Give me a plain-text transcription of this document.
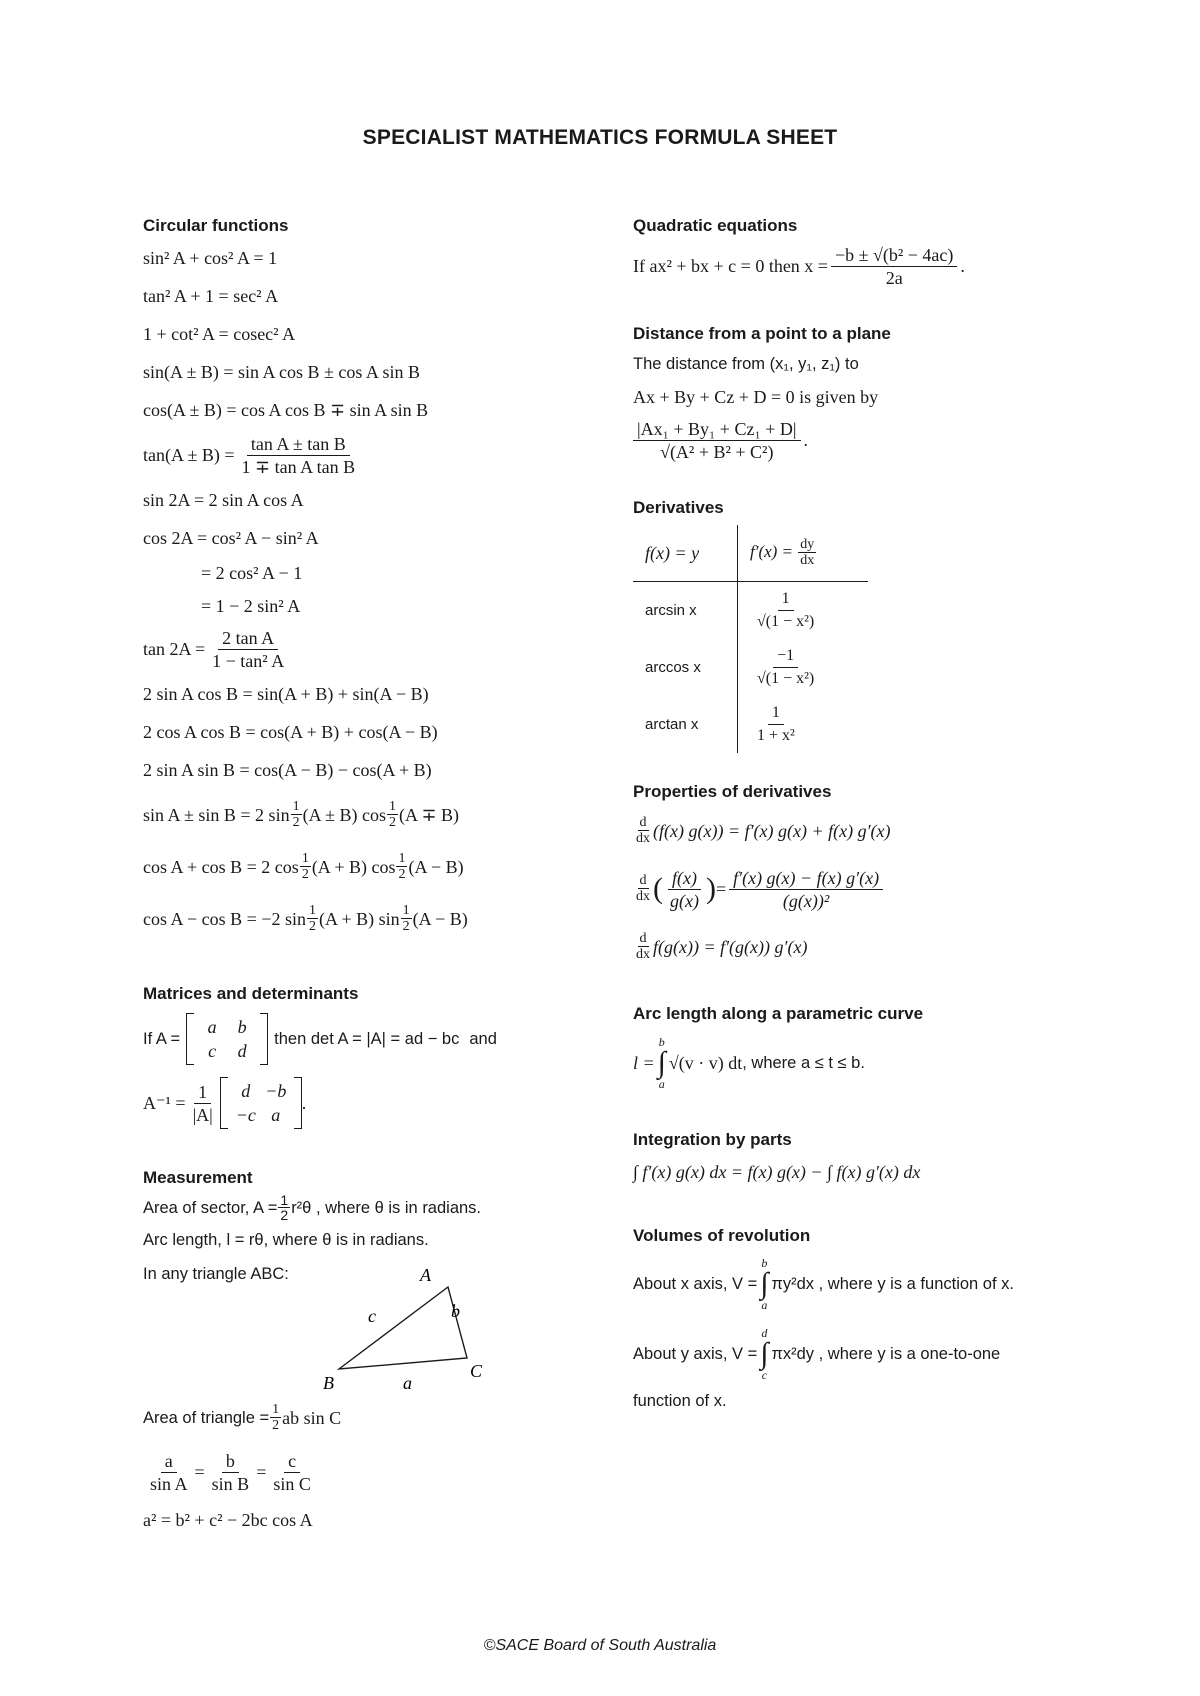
SPECIALIST MATHEMATICS FORMULA SHEET
Circular functions
sin² A + cos² A = 1
tan² A + 1 = sec² A
1 + cot² A = cosec² A
sin(A ± B) = sin A cos B ± cos A sin B
cos(A ± B) = cos A cos B ∓ sin A sin B
$\tan(A \pm B) = \frac{\text{tan A ± tan B}}{\text{1 ∓ tan A tan B}}$
sin 2A = 2 sin A cos A
cos 2A = cos² A − sin² A
= 2 cos² A − 1
= 1 − 2 sin² A
$\tan 2A = \frac{\text{2 tan A}}{\text{1 − tan² A}}$
2 sin A cos B = sin(A + B) + sin(A − B)
2 cos A cos B = cos(A + B) + cos(A − B)
2 sin A sin B = cos(A − B) − cos(A + B)
sin A ± sin B = 2 $\sin \frac{1}{2} (A \pm B)$ $\cos \frac{1}{2} (A \mp B)$
cos A + cos B = 2 $\cos \frac{1}{2} (A + B)$ $\cos \frac{1}{2} (A - B)$
cos A − cos B = −2 $\sin \frac{1}{2} (A + B)$ $\sin \frac{1}{2} (A - B)$
Matrices and determinants
If A =
a	b
c	d
then det A = |A| = ad − bc and
$A^{-1} = \frac{1}{|A|}$	d −b
−c a
.
Measurement
Area of sector, $A = \frac{1}{2} r^2\theta$ , where θ is in radians.
Arc length, l = rθ, where θ is in radians.
In any triangle ABC:	A
B
C
a
b
c
Area of triangle = $\frac{1}{2}$ ab sin C
$\frac{a}{\text{sin A}} = \frac{b}{\text{sin B}} = \frac{c}{\text{sin C}}$
a² = b² + c² − 2bc cos A
Quadratic equations
If ax² + bx + c = 0 then $x = \frac{\text{−b ± √(b² − 4ac)}}{2a}$ .
Distance from a point to a plane
The distance from (x₁, y₁, z₁) to
Ax + By + Cz + D = 0 is given by
$\frac{\text{|Ax₁ + By₁ + Cz₁ + D|}}{\text{√(A² + B² + C²)}}$ .
Derivatives
f(x) = y	$f'(x) = \frac{dy}{dx}$

arcsin x	$\frac{1}{\text{√(1 − x²)}}$

arccos x	$\frac{-1}{\text{√(1 − x²)}}$

arctan x	$\frac{1}{\text{1 + x²}}$
Properties of derivatives
$\frac{d}{dx} (f(x) g(x)) = f'(x) g(x) + f(x)$ g′(x)
$\frac{d}{dx}$ ( $\frac{f(x)}{g(x)}$ ) = $\frac{f'(x) g(x) - f(x) g'(x)}{\text{(g(x))²}}$
$\frac{d}{dx} f(g(x)) = f'(g(x))$ g′(x)
Arc length along a parametric curve
l =
b
∫
a
√(v · v) dt , where a ≤ t ≤ b.
Integration by parts
∫ f′(x) g(x) dx = f(x) g(x) − ∫ f(x) g′(x) dx
Volumes of revolution
About x axis, V =
b
∫
a
πy²dx , where y is a function of x.
About y axis, V =
d
∫
c
πx²dy , where y is a one-to-one
function of x.
©SACE Board of South Australia
